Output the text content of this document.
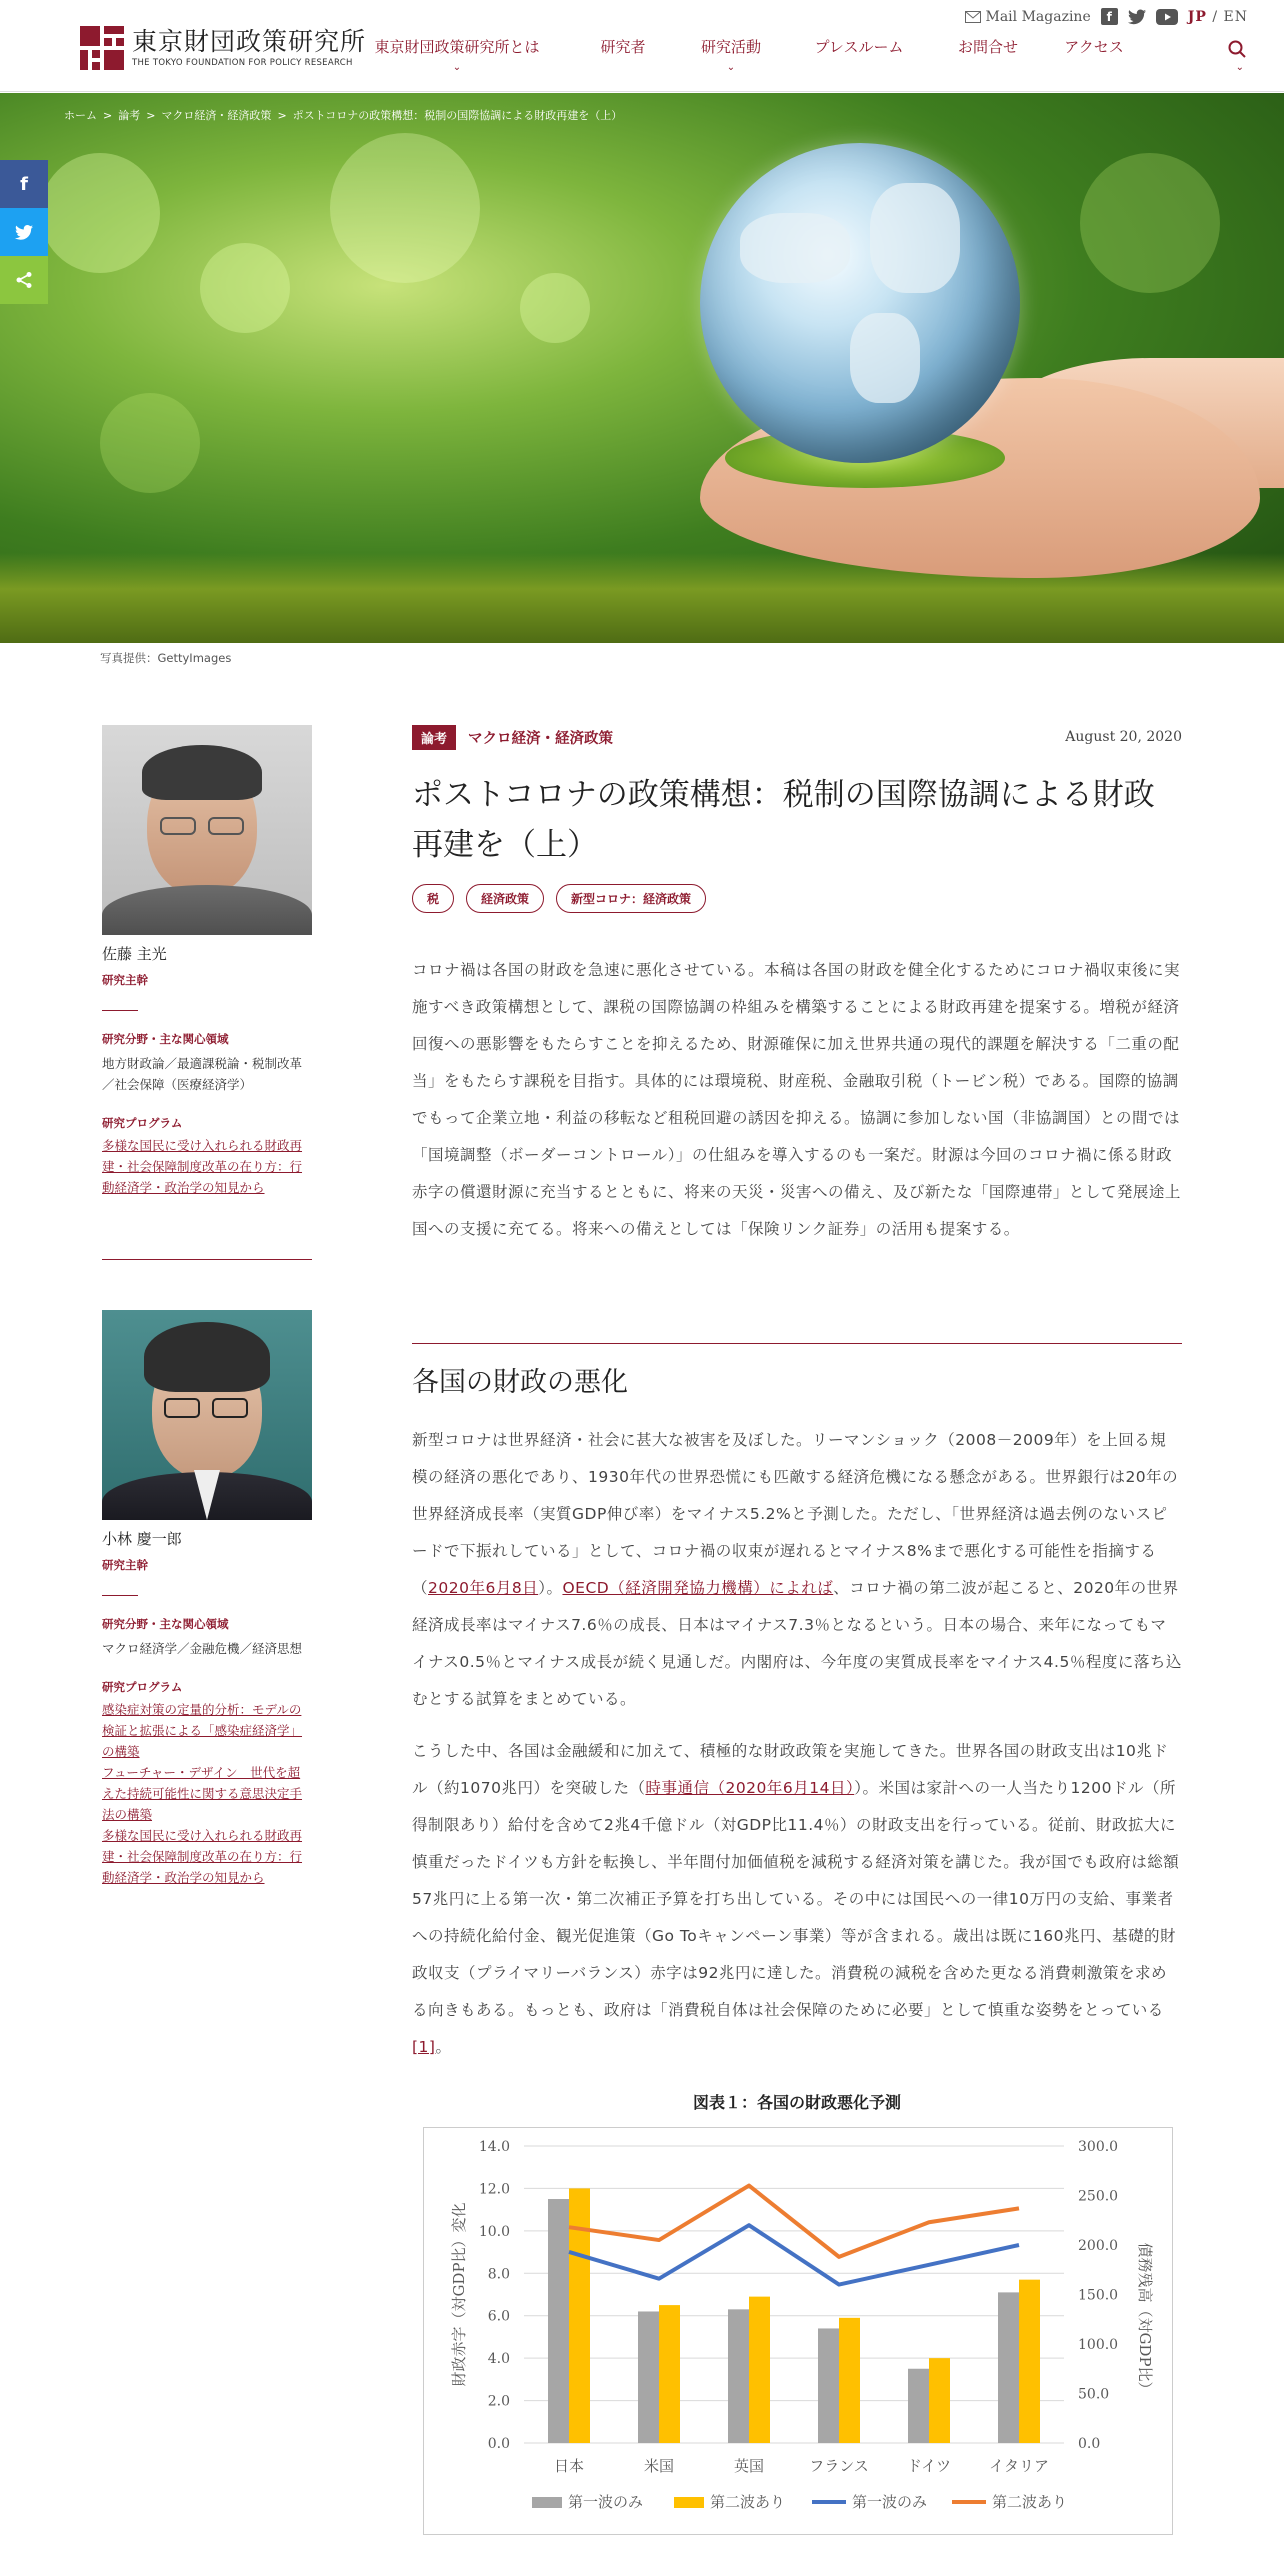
東京財団政策研究所
THE TOKYO FOUNDATION FOR POLICY RESEARCH
Mail Magazine	f	JP / EN
東京財団政策研究所とは
⌄
研究者	研究活動
⌄
プレスルーム	お問合せ	アクセス
⌄
ホーム > 論考 > マクロ経済・経済政策 > ポストコロナの政策構想：税制の国際協調による財政再建を（上）
写真提供：GettyImages
f
佐藤 主光
研究主幹
研究分野・主な関心領域
地方財政論／最適課税論・税制改革／社会保障（医療経済学）
研究プログラム
多様な国民に受け入れられる財政再建・社会保障制度改革の在り方：行動経済学・政治学の知見から
小林 慶一郎
研究主幹
研究分野・主な関心領域
マクロ経済学／金融危機／経済思想
研究プログラム
感染症対策の定量的分析：モデルの検証と拡張による「感染症経済学」の構築
フューチャー・デザイン　世代を超えた持続可能性に関する意思決定手法の構築
多様な国民に受け入れられる財政再建・社会保障制度改革の在り方：行動経済学・政治学の知見から
論考	マクロ経済・経済政策	August 20, 2020
ポストコロナの政策構想：税制の国際協調による財政再建を（上）
税	経済政策	新型コロナ：経済政策

コロナ禍は各国の財政を急速に悪化させている。本稿は各国の財政を健全化するためにコロナ禍収束後に実施すべき政策構想として、課税の国際協調の枠組みを構築することによる財政再建を提案する。増税が経済回復への悪影響をもたらすことを抑えるため、財源確保に加え世界共通の現代的課題を解決する「二重の配当」をもたらす課税を目指す。具体的には環境税、財産税、金融取引税（トービン税）である。国際的協調でもって企業立地・利益の移転など租税回避の誘因を抑える。協調に参加しない国（非協調国）との間では「国境調整（ボーダーコントロール）」の仕組みを導入するのも一案だ。財源は今回のコロナ禍に係る財政赤字の償還財源に充当するとともに、将来の天災・災害への備え、及び新たな「国際連帯」として発展途上国への支援に充てる。将来への備えとしては「保険リンク証券」の活用も提案する。

各国の財政の悪化

新型コロナは世界経済・社会に甚大な被害を及ぼした。リーマンショック（2008－2009年）を上回る規模の経済の悪化であり、1930年代の世界恐慌にも匹敵する経済危機になる懸念がある。世界銀行は20年の世界経済成長率（実質GDP伸び率）をマイナス5.2%と予測した。ただし、「世界経済は過去例のないスピードで下振れしている」として、コロナ禍の収束が遅れるとマイナス8%まで悪化する可能性を指摘する（2020年6月8日）。OECD（経済開発協力機構）によれば、コロナ禍の第二波が起こると、2020年の世界経済成長率はマイナス7.6％の成長、日本はマイナス7.3％となるという。日本の場合、来年になってもマイナス0.5％とマイナス成長が続く見通しだ。内閣府は、今年度の実質成長率をマイナス4.5％程度に落ち込むとする試算をまとめている。

こうした中、各国は金融緩和に加えて、積極的な財政政策を実施してきた。世界各国の財政支出は10兆ドル（約1070兆円）を突破した（時事通信（2020年6月14日））。米国は家計への一人当たり1200ドル（所得制限あり）給付を含めて2兆4千億ドル（対GDP比11.4％）の財政支出を行っている。従前、財政拡大に慎重だったドイツも方針を転換し、半年間付加価値税を減税する経済対策を講じた。我が国でも政府は総額57兆円に上る第一次・第二次補正予算を打ち出している。その中には国民への一律10万円の支給、事業者への持続化給付金、観光促進策（Go Toキャンペーン事業）等が含まれる。歳出は既に160兆円、基礎的財政収支（プライマリーバランス）赤字は92兆円に達した。消費税の減税を含めた更なる消費刺激策を求める向きもある。もっとも、政府は「消費税自体は社会保障のために必要」として慎重な姿勢をとっている[1]。

図表１：各国の財政悪化予測
0.0
2.0
4.0
6.0
8.0
10.0
12.0
14.0
0.0
50.0
100.0
150.0
200.0
250.0
300.0
日本	米国	英国	フランス	ドイツ	イタリア
財政赤字（対GDP比）変化	債務残高（対GDP比）
第一波のみ	第二波あり	第一波のみ	第二波あり
